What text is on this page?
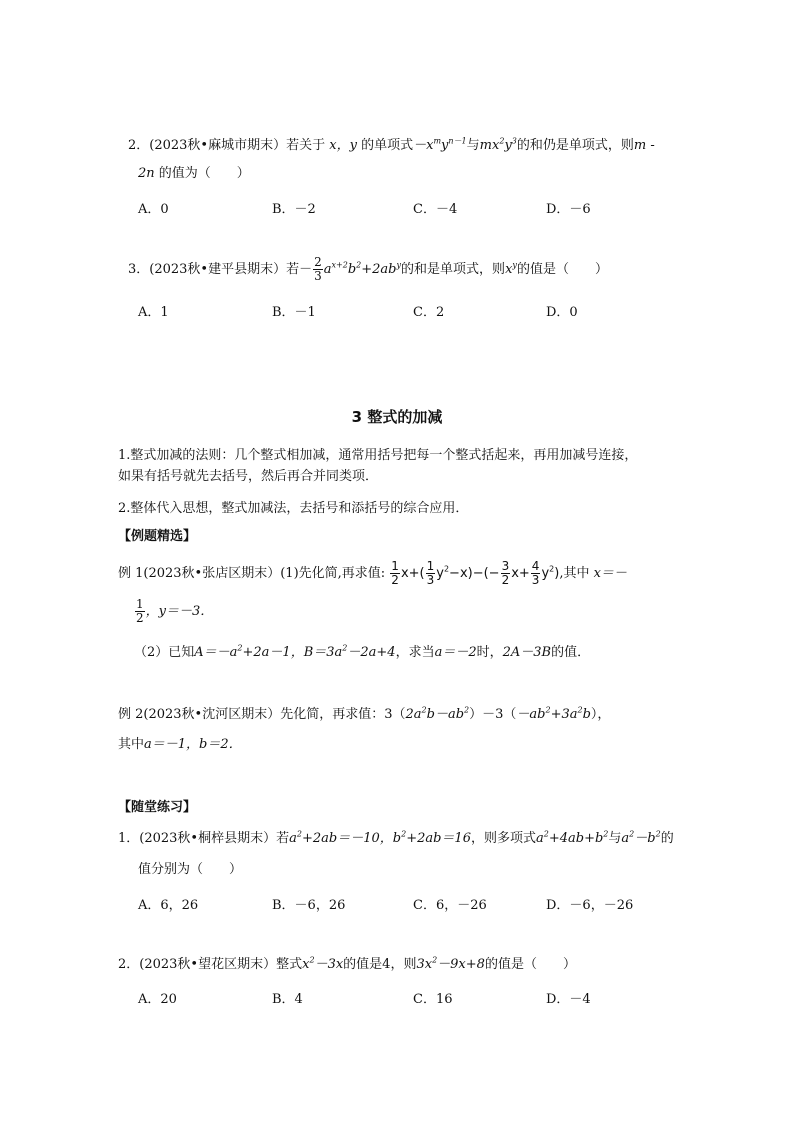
2．(2023秋•麻城市期末）若关于 x，y 的单项式$-x^my^{n-1}$与$mx^2y^3$的和仍是单项式，则m -
2n 的值为（　　）
A．0	B．－2	C．－4	D．－6
3．(2023秋•建平县期末）若－ $\frac{2}{3} a^{x+2}b^2+2ab^y$的和是单项式，则$x^y$的值是（　　）
A．1	B．－1	C．2	D．0
3 整式的加减
1.整式加减的法则：几个整式相加减，通常用括号把每一个整式括起来，再用加减号连接，
如果有括号就先去括号，然后再合并同类项．
2.整体代入思想，整式加减法，去括号和添括号的综合应用．
【例题精选】
例 1(2023秋•张店区期末）(1)先化简,再求值: $\frac{1}{2} x+( \frac{1}{3} y^2-x)-(- \frac{3}{2} x+ \frac{4}{3} y^2)$,其中 x＝－
$\frac{1}{2}$ ，y＝－3．
（2）已知$A=-a^2+2a-1$，$B=3a^2-2a+4$，求当a＝－2时，2A－3B的值．
例 2(2023秋•沈河区期末）先化简，再求值：$3(2a^2b-ab^2)-3(-ab^2+3a^2b)$，
其中a＝－1，b＝2．
【随堂练习】
1．(2023秋•桐梓县期末）若$a^2+2ab=-10$，$b^2+2ab=16$，则多项式$a^2+4ab+b^2$与$a^2-b^2$的
值分别为（　　）
A．6，26	B．－6，26	C．6，－26	D．－6，－26
2．(2023秋•望花区期末）整式$x^2-3x$的值是4，则$3x^2-9x+8$的值是（　　）
A．20	B．4	C．16	D．－4
